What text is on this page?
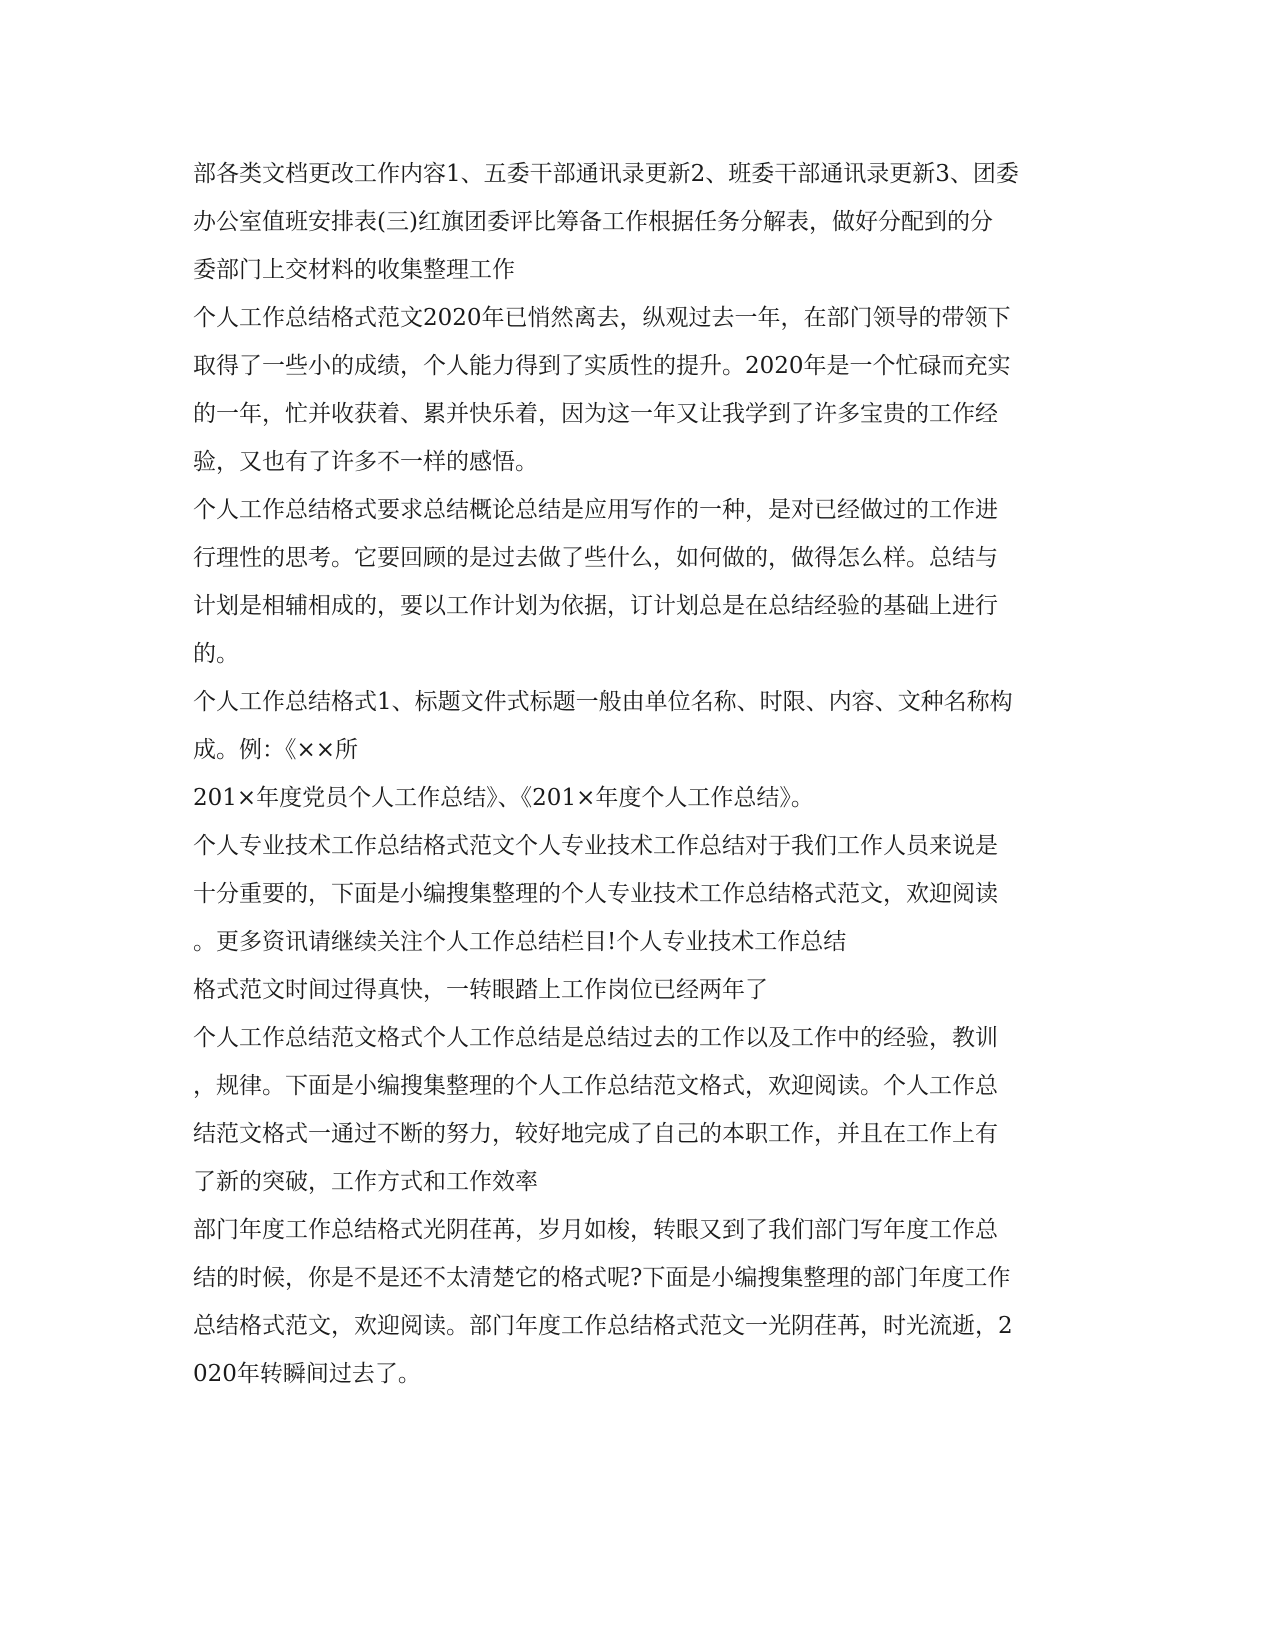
部各类文档更改工作内容1、五委干部通讯录更新2、班委干部通讯录更新3、团委
办公室值班安排表(三)红旗团委评比筹备工作根据任务分解表，做好分配到的分
委部门上交材料的收集整理工作
个人工作总结格式范文2020年已悄然离去，纵观过去一年，在部门领导的带领下
取得了一些小的成绩，个人能力得到了实质性的提升。2020年是一个忙碌而充实
的一年，忙并收获着、累并快乐着，因为这一年又让我学到了许多宝贵的工作经
验，又也有了许多不一样的感悟。
个人工作总结格式要求总结概论总结是应用写作的一种，是对已经做过的工作进
行理性的思考。它要回顾的是过去做了些什么，如何做的，做得怎么样。总结与
计划是相辅相成的，要以工作计划为依据，订计划总是在总结经验的基础上进行
的。
个人工作总结格式1、标题文件式标题一般由单位名称、时限、内容、文种名称构
成。例：《××所
201×年度党员个人工作总结》、《201×年度个人工作总结》。
个人专业技术工作总结格式范文个人专业技术工作总结对于我们工作人员来说是
十分重要的，下面是小编搜集整理的个人专业技术工作总结格式范文，欢迎阅读
。更多资讯请继续关注个人工作总结栏目!个人专业技术工作总结
格式范文时间过得真快，一转眼踏上工作岗位已经两年了
个人工作总结范文格式个人工作总结是总结过去的工作以及工作中的经验，教训
，规律。下面是小编搜集整理的个人工作总结范文格式，欢迎阅读。个人工作总
结范文格式一通过不断的努力，较好地完成了自己的本职工作，并且在工作上有
了新的突破，工作方式和工作效率
部门年度工作总结格式光阴荏苒，岁月如梭，转眼又到了我们部门写年度工作总
结的时候，你是不是还不太清楚它的格式呢?下面是小编搜集整理的部门年度工作
总结格式范文，欢迎阅读。部门年度工作总结格式范文一光阴荏苒，时光流逝，2
020年转瞬间过去了。
